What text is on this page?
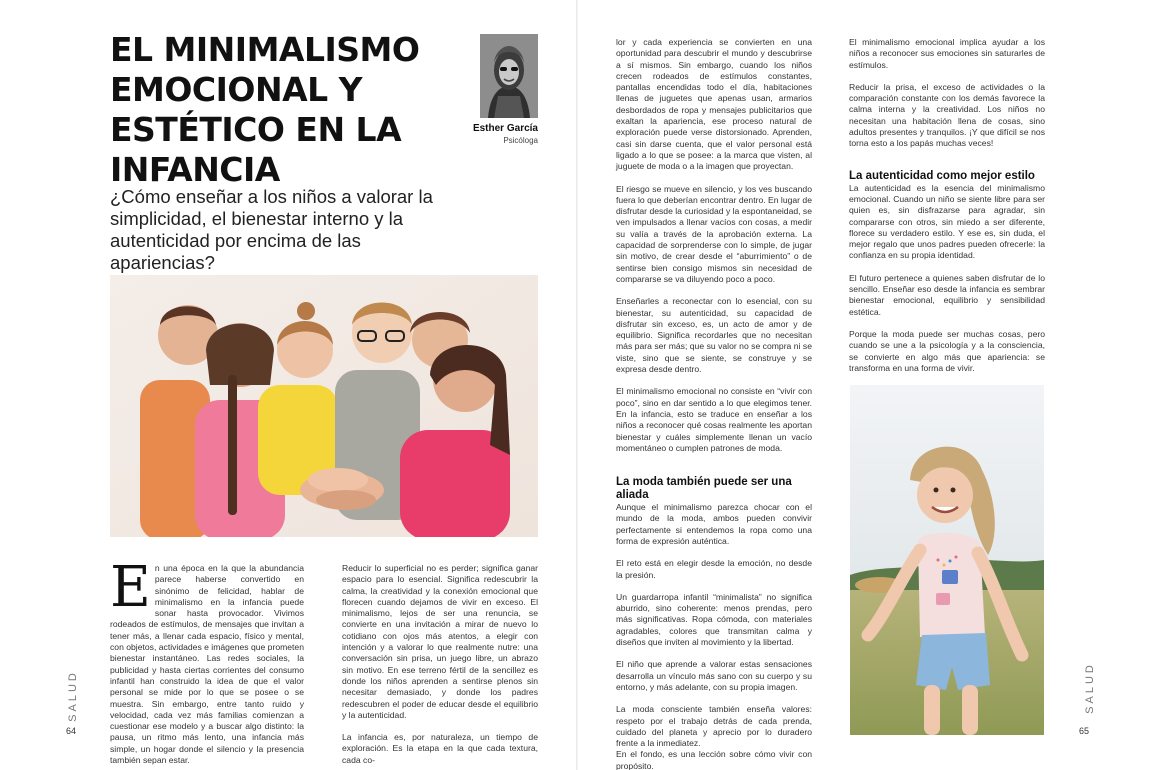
EL MINIMALISMO EMOCIONAL Y ESTÉTICO EN LA INFANCIA
¿Cómo enseñar a los niños a valorar la simplicidad, el bienestar interno y la autenticidad por encima de las apariencias?
Esther García
Psicóloga

En una época en la que la abundancia parece haberse convertido en sinónimo de felicidad, hablar de minimalismo en la infancia puede sonar hasta provocador. Vivimos rodeados de estímulos, de mensajes que invitan a tener más, a llenar cada espacio, físico y mental, con objetos, actividades e imágenes que prometen bienestar instantáneo. Las redes sociales, la publicidad y hasta ciertas corrientes del consumo infantil han construido la idea de que el valor personal se mide por lo que se posee o se muestra. Sin embargo, entre tanto ruido y velocidad, cada vez más familias comienzan a cuestionar ese modelo y a buscar algo distinto: la pausa, un ritmo más lento, una infancia más simple, un hogar donde el silencio y la presencia también sepan estar.

Reducir lo superficial no es perder; significa ganar espacio para lo esencial. Significa redescubrir la calma, la creatividad y la conexión emocional que florecen cuando dejamos de vivir en exceso. El minimalismo, lejos de ser una renuncia, se convierte en una invitación a mirar de nuevo lo cotidiano con ojos más atentos, a elegir con intención y a valorar lo que realmente nutre: una conversación sin prisa, un juego libre, un abrazo sin motivo. En ese terreno fértil de la sencillez es donde los niños aprenden a sentirse plenos sin necesitar demasiado, y donde los padres redescubren el poder de educar desde el equilibrio y la autenticidad.

La infancia es, por naturaleza, un tiempo de exploración. Es la etapa en la que cada textura, cada co-

lor y cada experiencia se convierten en una oportunidad para descubrir el mundo y descubrirse a sí mismos. Sin embargo, cuando los niños crecen rodeados de estímulos constantes, pantallas encendidas todo el día, habitaciones llenas de juguetes que apenas usan, armarios desbordados de ropa y mensajes publicitarios que exaltan la apariencia, ese proceso natural de exploración puede verse distorsionado. Aprenden, casi sin darse cuenta, que el valor personal está ligado a lo que se posee: a la marca que visten, al juguete de moda o a la imagen que proyectan.

El riesgo se mueve en silencio, y los ves buscando fuera lo que deberían encontrar dentro. En lugar de disfrutar desde la curiosidad y la espontaneidad, se ven impulsados a llenar vacíos con cosas, a medir su valía a través de la aprobación externa. La capacidad de sorprenderse con lo simple, de jugar sin motivo, de crear desde el “aburrimiento” o de sentirse bien consigo mismos sin necesidad de compararse se va diluyendo poco a poco.

Enseñarles a reconectar con lo esencial, con su bienestar, su autenticidad, su capacidad de disfrutar sin exceso, es, un acto de amor y de equilibrio. Significa recordarles que no necesitan más para ser más; que su valor no se compra ni se viste, sino que se siente, se construye y se expresa desde dentro.

El minimalismo emocional no consiste en “vivir con poco”, sino en dar sentido a lo que elegimos tener. En la infancia, esto se traduce en enseñar a los niños a reconocer qué cosas realmente les aportan bienestar y cuáles simplemente llenan un vacío momentáneo o cumplen patrones de moda.

La moda también puede ser una aliada

Aunque el minimalismo parezca chocar con el mundo de la moda, ambos pueden convivir perfectamente si entendemos la ropa como una forma de expresión auténtica.

El reto está en elegir desde la emoción, no desde la presión.

Un guardarropa infantil “minimalista” no significa aburrido, sino coherente: menos prendas, pero más significativas. Ropa cómoda, con materiales agradables, colores que transmitan calma y diseños que inviten al movimiento y la libertad.

El niño que aprende a valorar estas sensaciones desarrolla un vínculo más sano con su cuerpo y su entorno, y más adelante, con su propia imagen.

La moda consciente también enseña valores: respeto por el trabajo detrás de cada prenda, cuidado del planeta y aprecio por lo duradero frente a la inmediatez.

En el fondo, es una lección sobre cómo vivir con propósito.

El minimalismo emocional implica ayudar a los niños a reconocer sus emociones sin saturarles de estímulos.

Reducir la prisa, el exceso de actividades o la comparación constante con los demás favorece la calma interna y la creatividad. Los niños no necesitan una habitación llena de cosas, sino adultos presentes y tranquilos. ¡Y que difícil se nos torna esto a los papás muchas veces!

La autenticidad como mejor estilo

La autenticidad es la esencia del minimalismo emocional. Cuando un niño se siente libre para ser quien es, sin disfrazarse para agradar, sin compararse con otros, sin miedo a ser diferente, florece su verdadero estilo. Y ese es, sin duda, el mejor regalo que unos padres pueden ofrecerle: la confianza en su propia identidad.

El futuro pertenece a quienes saben disfrutar de lo sencillo. Enseñar eso desde la infancia es sembrar bienestar emocional, equilibrio y sensibilidad estética.

Porque la moda puede ser muchas cosas, pero cuando se une a la psicología y a la consciencia, se convierte en algo más que apariencia: se transforma en una forma de vivir.

SALUD
64
SALUD
65
